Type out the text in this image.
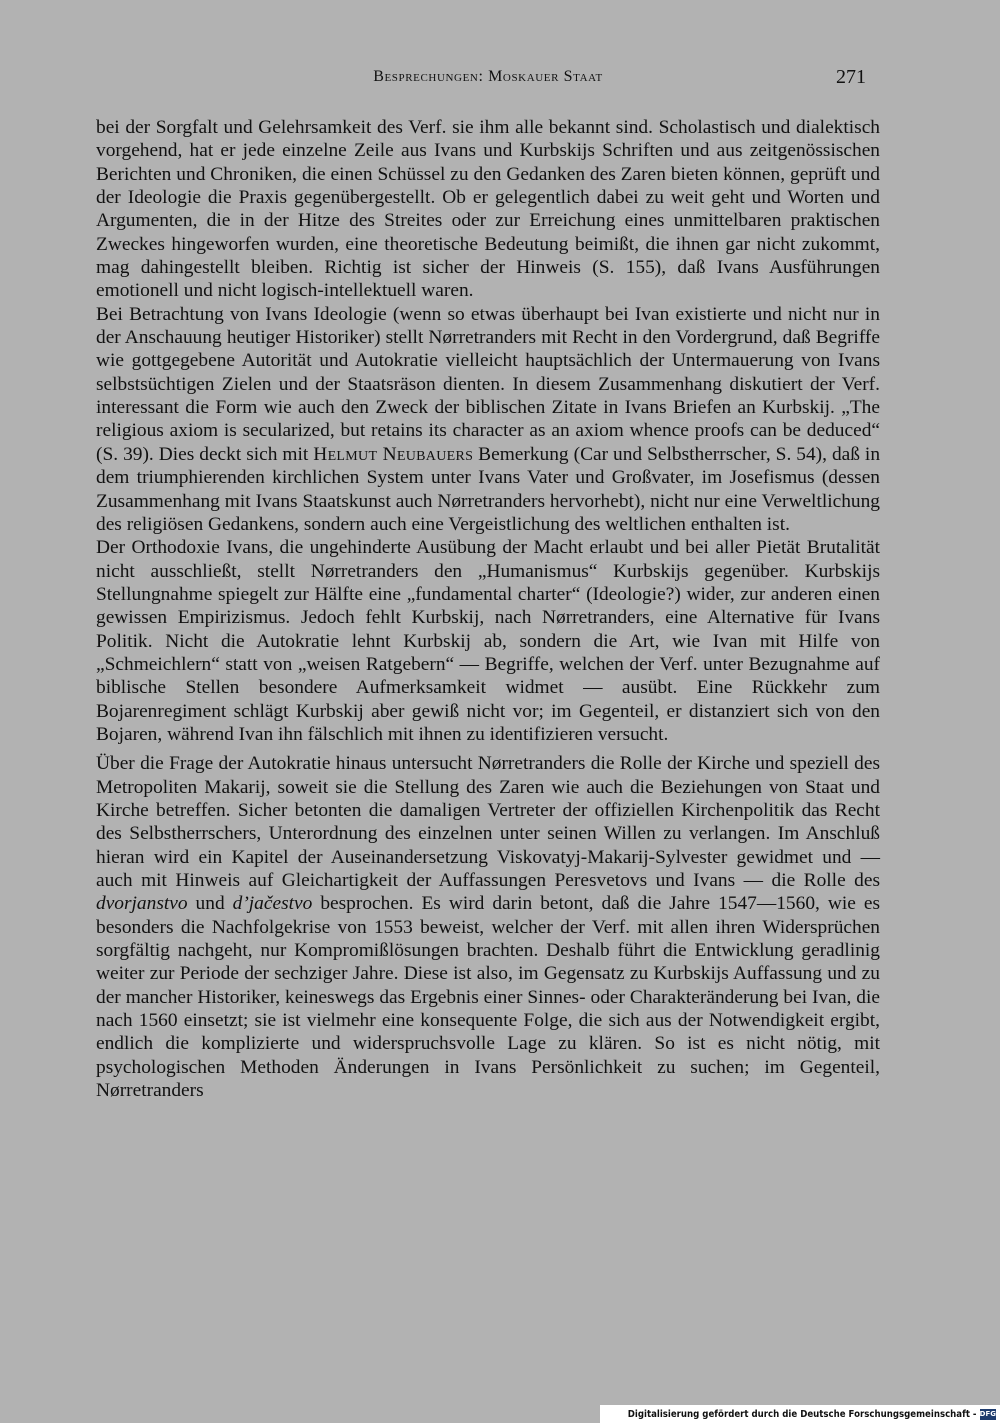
Besprechungen: Moskauer Staat	271

bei der Sorgfalt und Gelehrsamkeit des Verf. sie ihm alle bekannt sind. Scholastisch und dialektisch vorgehend, hat er jede einzelne Zeile aus Ivans und Kurbskijs Schriften und aus zeitgenössischen Berichten und Chroniken, die einen Schüssel zu den Gedanken des Zaren bieten können, geprüft und der Ideologie die Praxis gegenübergestellt. Ob er gelegentlich dabei zu weit geht und Worten und Argumenten, die in der Hitze des Streites oder zur Erreichung eines unmittelbaren praktischen Zweckes hingeworfen wurden, eine theoretische Bedeutung beimißt, die ihnen gar nicht zukommt, mag dahingestellt bleiben. Richtig ist sicher der Hinweis (S. 155), daß Ivans Ausführungen emotionell und nicht logisch-intellektuell waren.

Bei Betrachtung von Ivans Ideologie (wenn so etwas überhaupt bei Ivan existierte und nicht nur in der Anschauung heutiger Historiker) stellt Nørretranders mit Recht in den Vordergrund, daß Begriffe wie gottgegebene Autorität und Autokratie vielleicht hauptsächlich der Untermauerung von Ivans selbstsüchtigen Zielen und der Staatsräson dienten. In diesem Zusammenhang diskutiert der Verf. interessant die Form wie auch den Zweck der biblischen Zitate in Ivans Briefen an Kurbskij. „The religious axiom is secularized, but retains its character as an axiom whence proofs can be deduced“ (S. 39). Dies deckt sich mit Helmut Neubauers Bemerkung (Car und Selbstherrscher, S. 54), daß in dem triumphierenden kirchlichen System unter Ivans Vater und Großvater, im Josefismus (dessen Zusammenhang mit Ivans Staatskunst auch Nørretranders hervorhebt), nicht nur eine Verweltlichung des religiösen Gedankens, sondern auch eine Vergeistlichung des weltlichen enthalten ist.

Der Orthodoxie Ivans, die ungehinderte Ausübung der Macht erlaubt und bei aller Pietät Brutalität nicht ausschließt, stellt Nørretranders den „Humanismus“ Kurbskijs gegenüber. Kurbskijs Stellungnahme spiegelt zur Hälfte eine „fundamental charter“ (Ideologie?) wider, zur anderen einen gewissen Empirizismus. Jedoch fehlt Kurbskij, nach Nørretranders, eine Alternative für Ivans Politik. Nicht die Autokratie lehnt Kurbskij ab, sondern die Art, wie Ivan mit Hilfe von „Schmeichlern“ statt von „weisen Ratgebern“ — Begriffe, welchen der Verf. unter Bezugnahme auf biblische Stellen besondere Aufmerksamkeit widmet — ausübt. Eine Rückkehr zum Bojarenregiment schlägt Kurbskij aber gewiß nicht vor; im Gegenteil, er distanziert sich von den Bojaren, während Ivan ihn fälschlich mit ihnen zu identifizieren versucht.

Über die Frage der Autokratie hinaus untersucht Nørretranders die Rolle der Kirche und speziell des Metropoliten Makarij, soweit sie die Stellung des Zaren wie auch die Beziehungen von Staat und Kirche betreffen. Sicher betonten die damaligen Vertreter der offiziellen Kirchenpolitik das Recht des Selbstherrschers, Unterordnung des einzelnen unter seinen Willen zu verlangen. Im Anschluß hieran wird ein Kapitel der Auseinandersetzung Viskovatyj-Makarij-Sylvester gewidmet und — auch mit Hinweis auf Gleichartigkeit der Auffassungen Peresvetovs und Ivans — die Rolle des dvorjanstvo und d’jačestvo besprochen. Es wird darin betont, daß die Jahre 1547—1560, wie es besonders die Nachfolgekrise von 1553 beweist, welcher der Verf. mit allen ihren Widersprüchen sorgfältig nachgeht, nur Kompromißlösungen brachten. Deshalb führt die Entwicklung geradlinig weiter zur Periode der sechziger Jahre. Diese ist also, im Gegensatz zu Kurbskijs Auffassung und zu der mancher Historiker, keineswegs das Ergebnis einer Sinnes- oder Charakteränderung bei Ivan, die nach 1560 einsetzt; sie ist vielmehr eine konsequente Folge, die sich aus der Notwendigkeit ergibt, endlich die komplizierte und widerspruchsvolle Lage zu klären. So ist es nicht nötig, mit psychologischen Methoden Änderungen in Ivans Persönlichkeit zu suchen; im Gegenteil, Nørretranders

Digitalisierung gefördert durch die Deutsche Forschungsgemeinschaft - DFG
